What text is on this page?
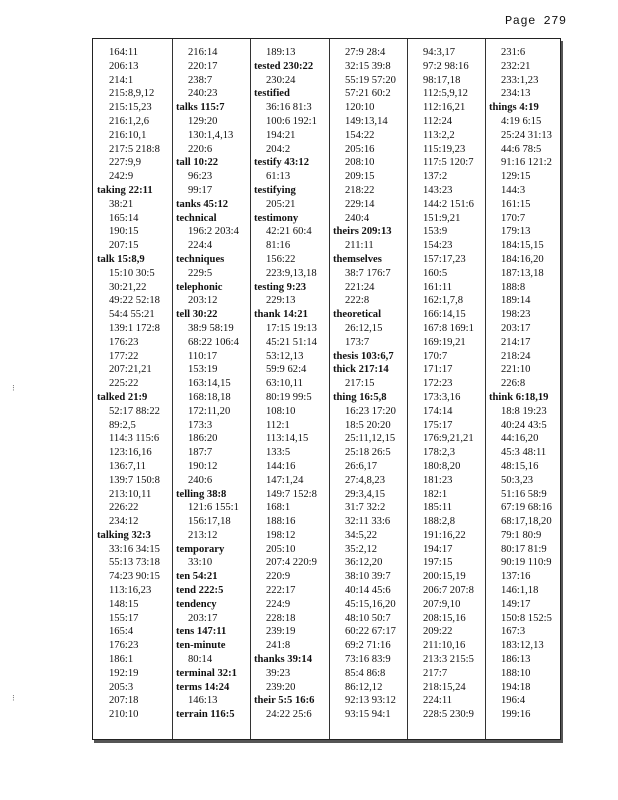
Page 279
⁝
⁝
164:11
206:13
214:1
215:8,9,12
215:15,23
216:1,2,6
216:10,1
217:5 218:8
227:9,9
242:9
taking 22:11
38:21
165:14
190:15
207:15
talk 15:8,9
15:10 30:5
30:21,22
49:22 52:18
54:4 55:21
139:1 172:8
176:23
177:22
207:21,21
225:22
talked 21:9
52:17 88:22
89:2,5
114:3 115:6
123:16,16
136:7,11
139:7 150:8
213:10,11
226:22
234:12
talking 32:3
33:16 34:15
55:13 73:18
74:23 90:15
113:16,23
148:15
155:17
165:4
176:23
186:1
192:19
205:3
207:18
210:10
216:14
220:17
238:7
240:23
talks 115:7
129:20
130:1,4,13
220:6
tall 10:22
96:23
99:17
tanks 45:12
technical
196:2 203:4
224:4
techniques
229:5
telephonic
203:12
tell 30:22
38:9 58:19
68:22 106:4
110:17
153:19
163:14,15
168:18,18
172:11,20
173:3
186:20
187:7
190:12
240:6
telling 38:8
121:6 155:1
156:17,18
213:12
temporary
33:10
ten 54:21
tend 222:5
tendency
203:17
tens 147:11
ten-minute
80:14
terminal 32:1
terms 14:24
146:13
terrain 116:5
189:13
tested 230:22
230:24
testified
36:16 81:3
100:6 192:1
194:21
204:2
testify 43:12
61:13
testifying
205:21
testimony
42:21 60:4
81:16
156:22
223:9,13,18
testing 9:23
229:13
thank 14:21
17:15 19:13
45:21 51:14
53:12,13
59:9 62:4
63:10,11
80:19 99:5
108:10
112:1
113:14,15
133:5
144:16
147:1,24
149:7 152:8
168:1
188:16
198:12
205:10
207:4 220:9
220:9
222:17
224:9
228:18
239:19
241:8
thanks 39:14
39:23
239:20
their 5:5 16:6
24:22 25:6
27:9 28:4
32:15 39:8
55:19 57:20
57:21 60:2
120:10
149:13,14
154:22
205:16
208:10
209:15
218:22
229:14
240:4
theirs 209:13
211:11
themselves
38:7 176:7
221:24
222:8
theoretical
26:12,15
173:7
thesis 103:6,7
thick 217:14
217:15
thing 16:5,8
16:23 17:20
18:5 20:20
25:11,12,15
25:18 26:5
26:6,17
27:4,8,23
29:3,4,15
31:7 32:2
32:11 33:6
34:5,22
35:2,12
36:12,20
38:10 39:7
40:14 45:6
45:15,16,20
48:10 50:7
60:22 67:17
69:2 71:16
73:16 83:9
85:4 86:8
86:12,12
92:13 93:12
93:15 94:1
94:3,17
97:2 98:16
98:17,18
112:5,9,12
112:16,21
112:24
113:2,2
115:19,23
117:5 120:7
137:2
143:23
144:2 151:6
151:9,21
153:9
154:23
157:17,23
160:5
161:11
162:1,7,8
166:14,15
167:8 169:1
169:19,21
170:7
171:17
172:23
173:3,16
174:14
175:17
176:9,21,21
178:2,3
180:8,20
181:23
182:1
185:11
188:2,8
191:16,22
194:17
197:15
200:15,19
206:7 207:8
207:9,10
208:15,16
209:22
211:10,16
213:3 215:5
217:7
218:15,24
224:11
228:5 230:9
231:6
232:21
233:1,23
234:13
things 4:19
4:19 6:15
25:24 31:13
44:6 78:5
91:16 121:2
129:15
144:3
161:15
170:7
179:13
184:15,15
184:16,20
187:13,18
188:8
189:14
198:23
203:17
214:17
218:24
221:10
226:8
think 6:18,19
18:8 19:23
40:24 43:5
44:16,20
45:3 48:11
48:15,16
50:3,23
51:16 58:9
67:19 68:16
68:17,18,20
79:1 80:9
80:17 81:9
90:19 110:9
137:16
146:1,18
149:17
150:8 152:5
167:3
183:12,13
186:13
188:10
194:18
196:4
199:16
